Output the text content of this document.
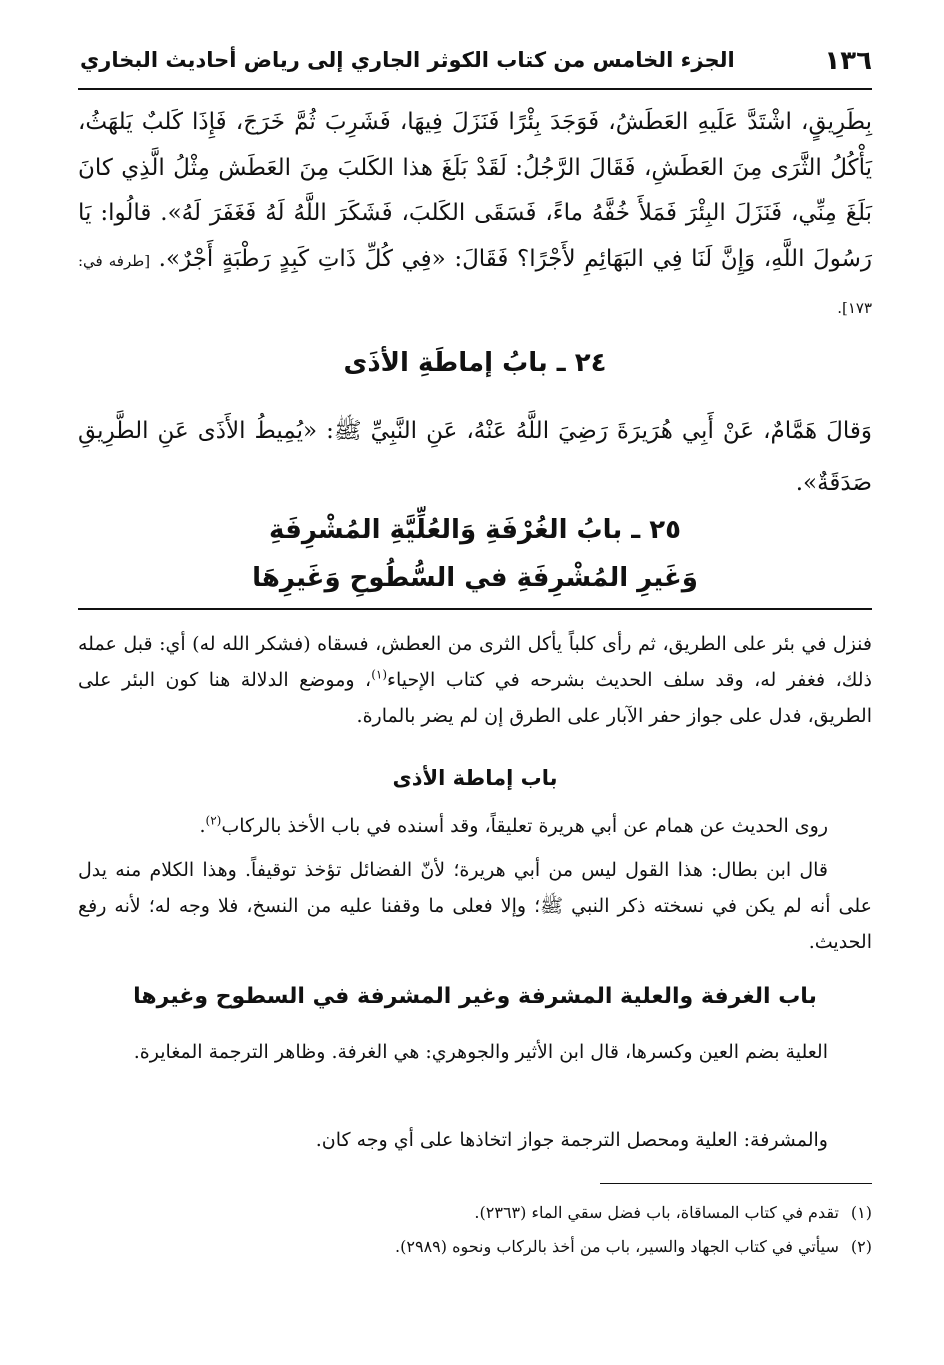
١٣٦
الجزء الخامس من كتاب الكوثر الجاري إلى رياض أحاديث البخاري
بِطَرِيقٍ، اشْتَدَّ عَلَيهِ العَطَشُ، فَوَجَدَ بِئْرًا فَنَزَلَ فِيهَا، فَشَرِبَ ثُمَّ خَرَجَ، فَإِذَا كَلبٌ يَلهَثُ، يَأْكُلُ الثَّرَى مِنَ العَطَشِ، فَقَالَ الرَّجُلُ: لَقَدْ بَلَغَ هذا الكَلبَ مِنَ العَطَش مِثْلُ الَّذِي كانَ بَلَغَ مِنِّي، فَنَزَلَ البِئْرَ فَمَلأَ خُفَّهُ ماءً، فَسَقَى الكَلبَ، فَشَكَرَ اللَّهُ لَهُ فَغَفَرَ لَهُ». قالُوا: يَا رَسُولَ اللَّهِ، وَإِنَّ لَنَا فِي البَهَائِمِ لأَجْرًا؟ فَقَالَ: «فِي كُلِّ ذَاتِ كَبِدٍ رَطْبَةٍ أَجْرٌ». [طرفه في: ١٧٣].
٢٤ ـ بابُ إماطَةِ الأذَى
وَقالَ هَمَّامٌ، عَنْ أَبِي هُرَيرَةَ رَضِيَ اللَّهُ عَنْهُ، عَنِ النَّبِيِّ ﷺ: «يُمِيطُ الأَذَى عَنِ الطَّرِيقِ صَدَقَةٌ».
٢٥ ـ بابُ الغُرْفَةِ وَالعُلِّيَّةِ المُشْرِفَةِ
وَغَيرِ المُشْرِفَةِ في السُّطُوحِ وَغَيرِهَا
فنزل في بئر على الطريق، ثم رأى كلباً يأكل الثرى من العطش، فسقاه (فشكر الله له) أي: قبل عمله ذلك، فغفر له، وقد سلف الحديث بشرحه في كتاب الإحياء$^{(١)}$، وموضع الدلالة هنا كون البئر على الطريق، فدل على جواز حفر الآبار على الطرق إن لم يضر بالمارة.
باب إماطة الأذى
روى الحديث عن همام عن أبي هريرة تعليقاً، وقد أسنده في باب الأخذ بالركاب$^{(٢)}$.
قال ابن بطال: هذا القول ليس من أبي هريرة؛ لأنّ الفضائل تؤخذ توقيفاً. وهذا الكلام منه يدل على أنه لم يكن في نسخته ذكر النبي ﷺ؛ وإلا فعلى ما وقفنا عليه من النسخ، فلا وجه له؛ لأنه رفع الحديث.
باب الغرفة والعلية المشرفة وغير المشرفة في السطوح وغيرها
العلية بضم العين وكسرها، قال ابن الأثير والجوهري: هي الغرفة. وظاهر الترجمة المغايرة.
والمشرفة: العلية ومحصل الترجمة جواز اتخاذها على أي وجه كان.
(١)
تقدم في كتاب المساقاة، باب فضل سقي الماء (٢٣٦٣).
(٢)
سيأتي في كتاب الجهاد والسير، باب من أخذ بالركاب ونحوه (٢٩٨٩).
